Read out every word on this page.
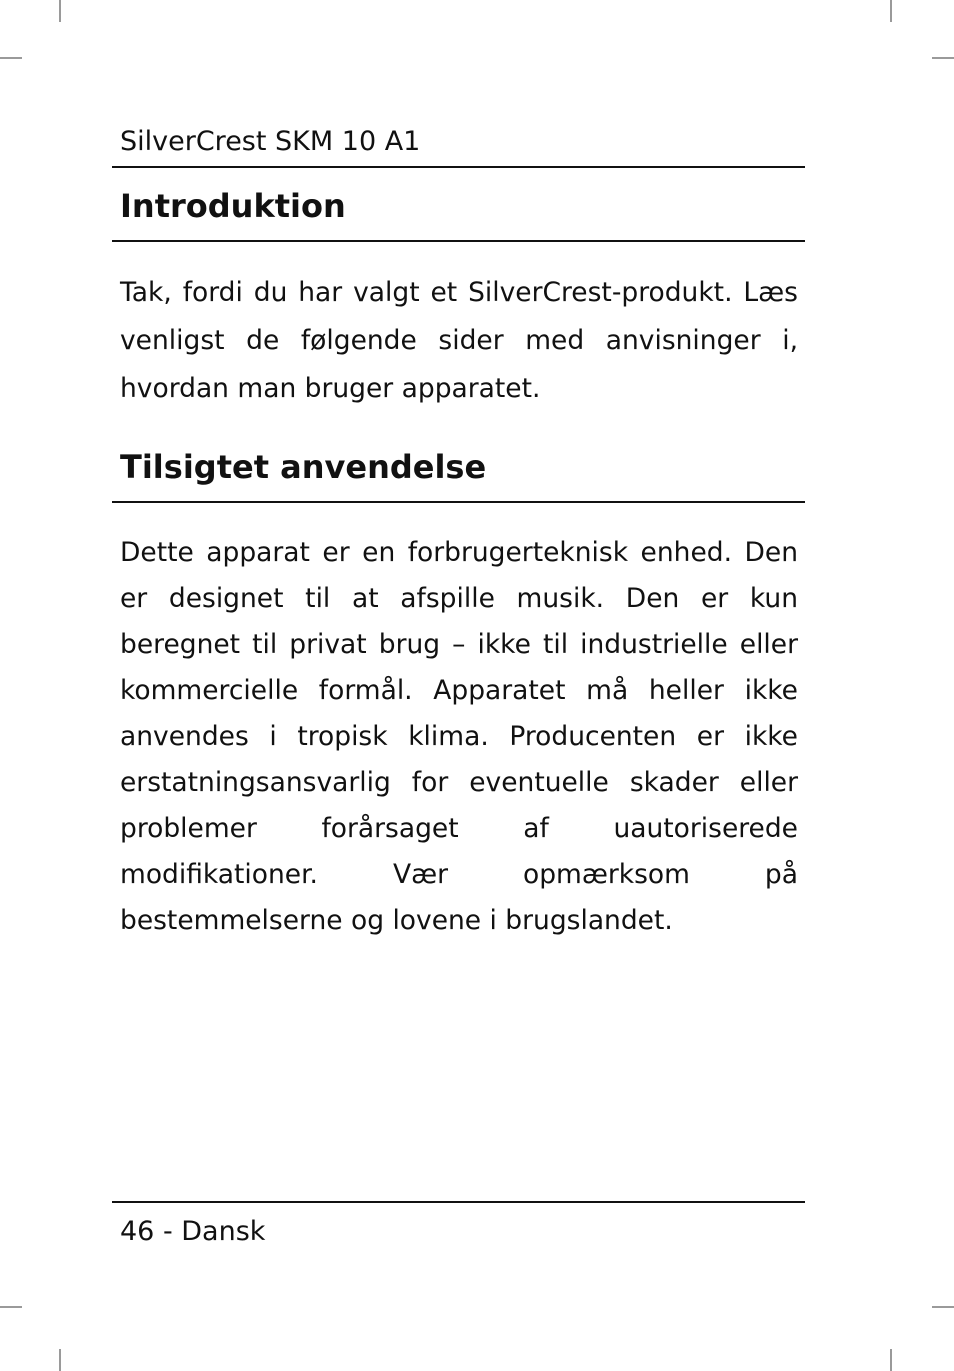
SilverCrest SKM 10 A1
Introduktion

Tak, fordi du har valgt et SilverCrest-produkt. Læs venligst de følgende sider med anvisninger i, hvordan man bruger apparatet.

Tilsigtet anvendelse

Dette apparat er en forbrugerteknisk enhed. Den er designet til at afspille musik. Den er kun beregnet til privat brug – ikke til industrielle eller kommercielle formål. Apparatet må heller ikke anvendes i tropisk klima. Producenten er ikke erstatningsansvarlig for eventuelle skader eller problemer forårsaget af uautoriserede modifikationer. Vær opmærksom på bestemmelserne og lovene i brugslandet.

46 - Dansk
